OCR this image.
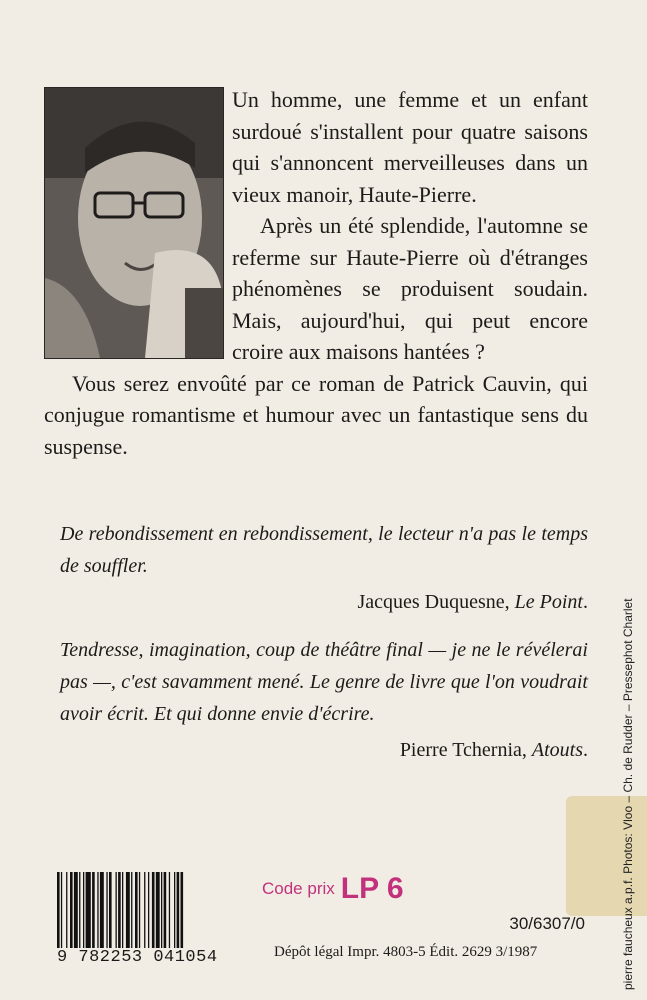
Un homme, une femme et un enfant surdoué s'installent pour quatre saisons qui s'annoncent merveilleuses dans un vieux manoir, Haute-Pierre.

Après un été splendide, l'automne se referme sur Haute-Pierre où d'étranges phénomènes se produisent soudain. Mais, aujourd'hui, qui peut encore croire aux maisons hantées ?

Vous serez envoûté par ce roman de Patrick Cauvin, qui conjugue romantisme et humour avec un fantastique sens du suspense.

De rebondissement en rebondissement, le lecteur n'a pas le temps de souffler.

Jacques Duquesne, Le Point.

Tendresse, imagination, coup de théâtre final — je ne le révélerai pas —, c'est savamment mené. Le genre de livre que l'on voudrait avoir écrit. Et qui donne envie d'écrire.

Pierre Tchernia, Atouts.

9 782253 041054
Code prix LP 6
30/6307/0
Dépôt légal Impr. 4803-5 Édit. 2629 3/1987	pierre faucheux a.p.f. Photos: Vloo – Ch. de Rudder – Pressephot Charlet
